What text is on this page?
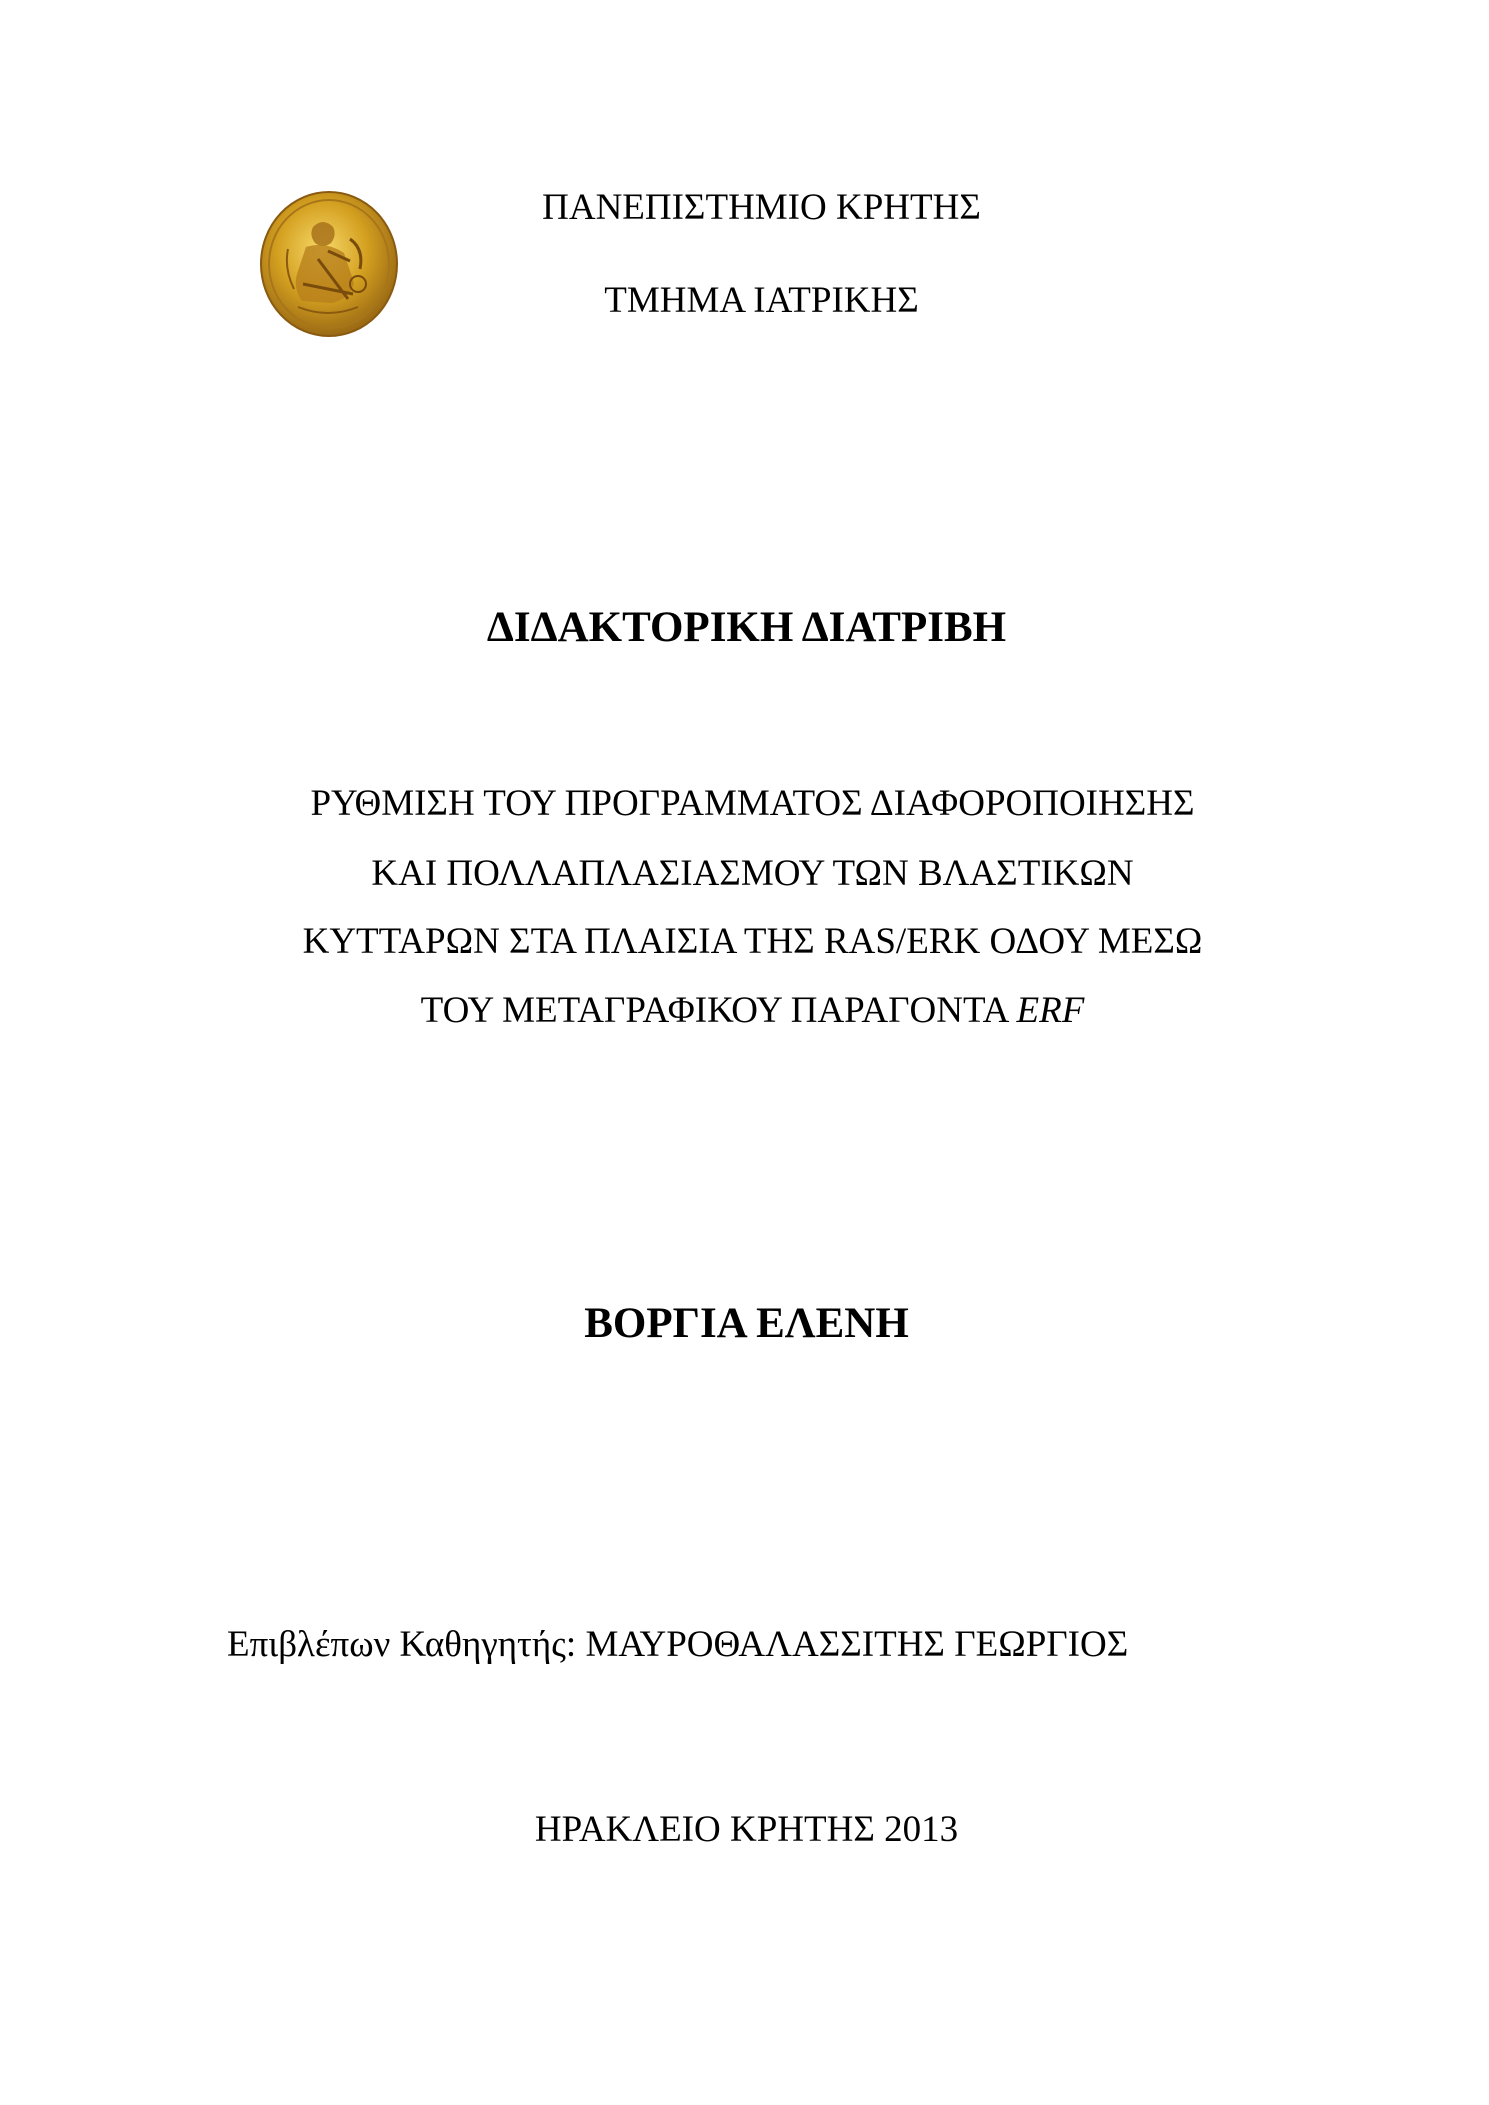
ΠΑΝΕΠΙΣΤΗΜΙΟ ΚΡΗΤΗΣ
ΤΜΗΜΑ ΙΑΤΡΙΚΗΣ
ΔΙΔΑΚΤΟΡΙΚΗ ΔΙΑΤΡΙΒΗ
ΡΥΘΜΙΣΗ ΤΟΥ ΠΡΟΓΡΑΜΜΑΤΟΣ ΔΙΑΦΟΡΟΠΟΙΗΣΗΣ
ΚΑΙ ΠΟΛΛΑΠΛΑΣΙΑΣΜΟΥ ΤΩΝ ΒΛΑΣΤΙΚΩΝ
ΚΥΤΤΑΡΩΝ ΣΤΑ ΠΛΑΙΣΙΑ ΤΗΣ RAS/ERK ΟΔΟΥ ΜΕΣΩ
ΤΟΥ ΜΕΤΑΓΡΑΦΙΚΟΥ ΠΑΡΑΓΟΝΤΑ ERF
ΒΟΡΓΙΑ ΕΛΕΝΗ
Επιβλέπων Καθηγητής: ΜΑΥΡΟΘΑΛΑΣΣΙΤΗΣ ΓΕΩΡΓΙΟΣ
ΗΡΑΚΛΕΙΟ ΚΡΗΤΗΣ 2013
